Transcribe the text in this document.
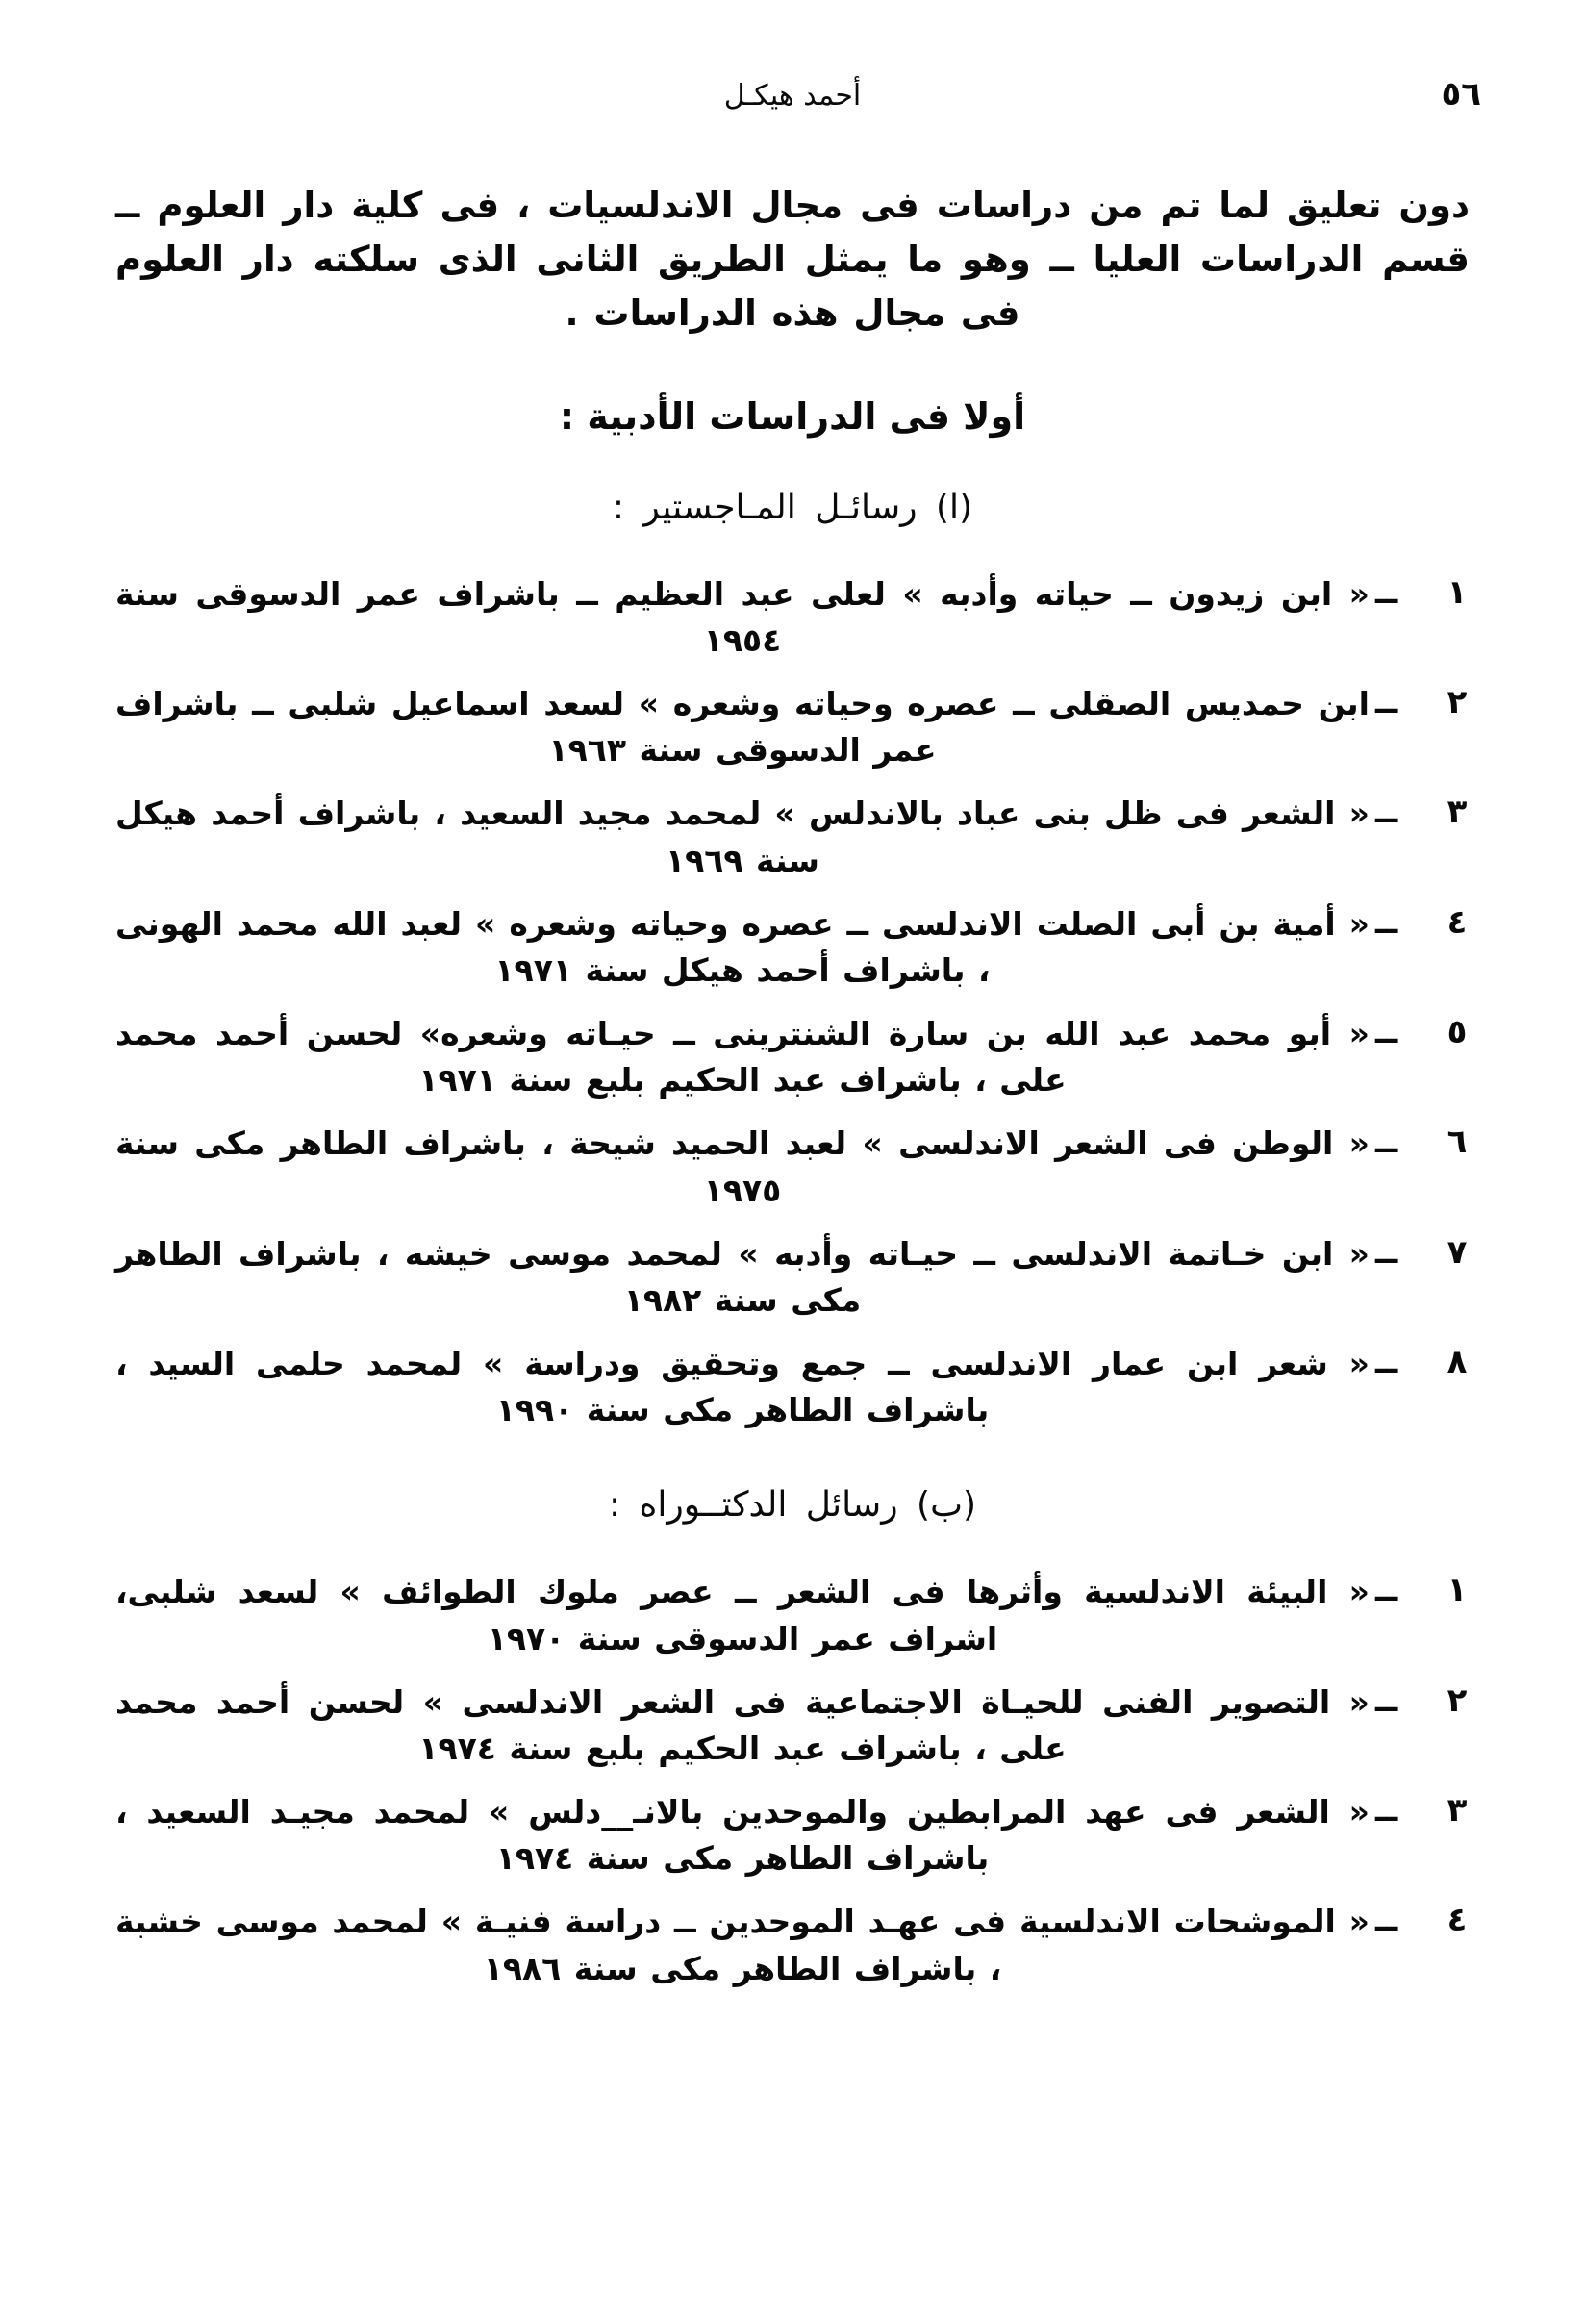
٥٦
أحمد هيكـل

دون تعليق لما تم من دراسات فى مجال الاندلسيات ، فى كلية دار العلوم ــ قسم الدراسات العليا ــ وهو ما يمثل الطريق الثانى الذى سلكته دار العلوم فى مجال هذه الدراسات .

أولا فى الدراسات الأدبية :
(ا) رسائـل المـاجستير :
١
ــ
« ابن زيدون ــ حياته وأدبه » لعلى عبد العظيم ــ باشراف عمر الدسوقى سنة ١٩٥٤
٢
ــ
ابن حمديس الصقلى ــ عصره وحياته وشعره » لسعد اسماعيل شلبى ــ باشراف عمر الدسوقى سنة ١٩٦٣
٣
ــ
« الشعر فى ظل بنى عباد بالاندلس » لمحمد مجيد السعيد ، باشراف أحمد هيكل سنة ١٩٦٩
٤
ــ
« أمية بن أبى الصلت الاندلسى ــ عصره وحياته وشعره » لعبد الله محمد الهونى ، باشراف أحمد هيكل سنة ١٩٧١
٥
ــ
« أبو محمد عبد الله بن سارة الشنترينى ــ حيـاته وشعره» لحسن أحمد محمد على ، باشراف عبد الحكيم بلبع سنة ١٩٧١
٦
ــ
« الوطن فى الشعر الاندلسى » لعبد الحميد شيحة ، باشراف الطاهر مكى سنة ١٩٧٥
٧
ــ
« ابن خـاتمة الاندلسى ــ حيـاته وأدبه » لمحمد موسى خيشه ، باشراف الطاهر مكى سنة ١٩٨٢
٨
ــ
« شعر ابن عمار الاندلسى ــ جمع وتحقيق ودراسة » لمحمد حلمى السيد ، باشراف الطاهر مكى سنة ١٩٩٠
(ب) رسائل الدكتــوراه :
١
ــ
« البيئة الاندلسية وأثرها فى الشعر ــ عصر ملوك الطوائف » لسعد شلبى، اشراف عمر الدسوقى سنة ١٩٧٠
٢
ــ
« التصوير الفنى للحيـاة الاجتماعية فى الشعر الاندلسى » لحسن أحمد محمد على ، باشراف عبد الحكيم بلبع سنة ١٩٧٤
٣
ــ
« الشعر فى عهد المرابطين والموحدين بالانـ__دلس » لمحمد مجيـد السعيد ، باشراف الطاهر مكى سنة ١٩٧٤
٤
ــ
« الموشحات الاندلسية فى عهـد الموحدين ــ دراسة فنيـة » لمحمد موسى خشبة ، باشراف الطاهر مكى سنة ١٩٨٦
